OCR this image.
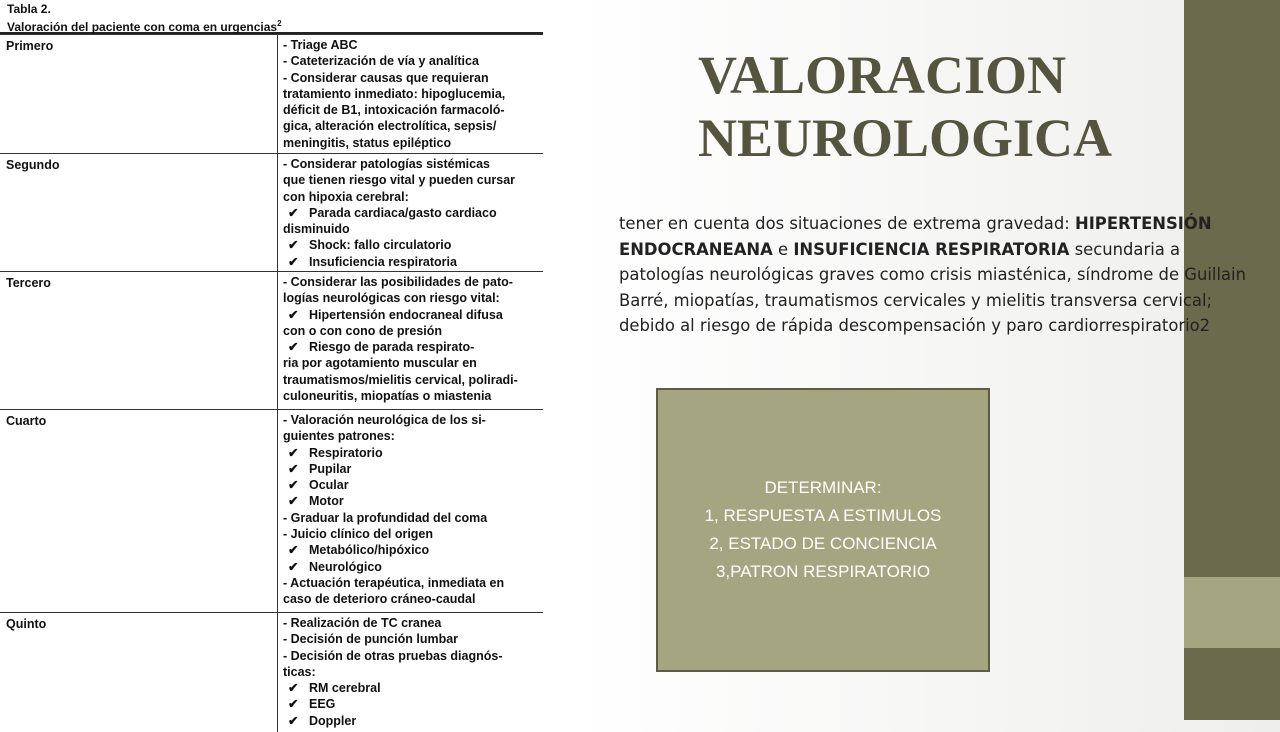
Tabla 2.
Valoración del paciente con coma en urgencias$^2$
Primero	- Triage ABC
- Cateterización de vía y analítica
- Considerar causas que requieran
tratamiento inmediato: hipoglucemia,
déficit de B1, intoxicación farmacoló-
gica, alteración electrolítica, sepsis/
meningitis, status epiléptico
Segundo	- Considerar patologías sistémicas
que tienen riesgo vital y pueden cursar
con hipoxia cerebral:
✔ Parada cardiaca/gasto cardiaco
disminuido
✔ Shock: fallo circulatorio
✔ Insuficiencia respiratoria
Tercero	- Considerar las posibilidades de pato-
logías neurológicas con riesgo vital:
✔ Hipertensión endocraneal difusa
con o con cono de presión
✔ Riesgo de parada respirato-
ria por agotamiento muscular en
traumatismos/mielitis cervical, poliradi-
culoneuritis, miopatías o miastenia
Cuarto	- Valoración neurológica de los si-
guientes patrones:
✔ Respiratorio
✔ Pupilar
✔ Ocular
✔ Motor
- Graduar la profundidad del coma
- Juicio clínico del origen
✔ Metabólico/hipóxico
✔ Neurológico
- Actuación terapéutica, inmediata en
caso de deterioro cráneo-caudal
Quinto	- Realización de TC cranea
- Decisión de punción lumbar
- Decisión de otras pruebas diagnós-
ticas:
✔ RM cerebral
✔ EEG
✔ Doppler
VALORACION
NEUROLOGICA

tener en cuenta dos situaciones de extrema gravedad: HIPERTENSIÓN ENDOCRANEANA e INSUFICIENCIA RESPIRATORIA secundaria a patologías neurológicas graves como crisis miasténica, síndrome de Guillain Barré, miopatías, traumatismos cervicales y mielitis transversa cervical; debido al riesgo de rápida descompensación y paro cardiorrespiratorio2

DETERMINAR:
1, RESPUESTA A ESTIMULOS
2, ESTADO DE CONCIENCIA
3,PATRON RESPIRATORIO
